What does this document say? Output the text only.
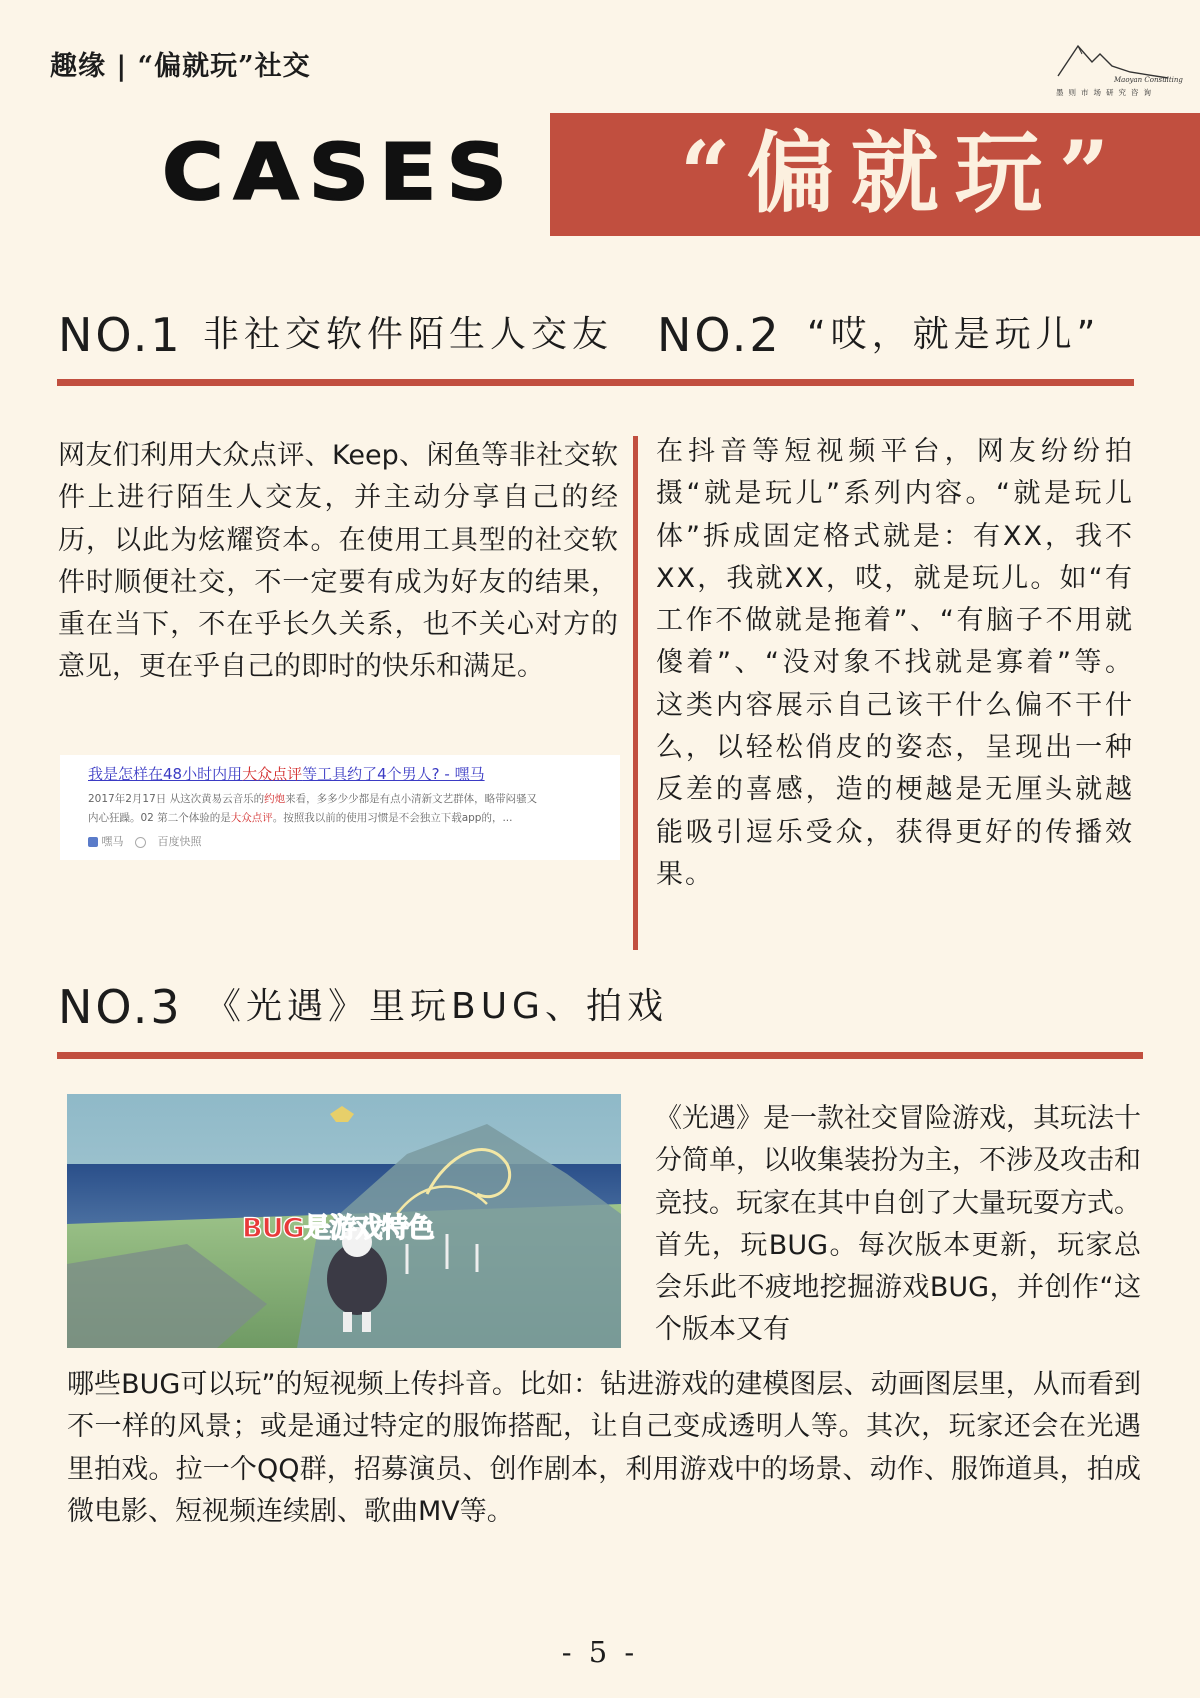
趣缘 | “偏就玩”社交	Maoyan Consulting
墨则市场研究咨询
CASES “偏就玩”
NO.1 非社交软件陌生人交友 NO.2 “哎，就是玩儿”
网友们利用大众点评、Keep、闲鱼等非社交软件上进行陌生人交友，并主动分享自己的经历，以此为炫耀资本。在使用工具型的社交软件时顺便社交，不一定要有成为好友的结果，重在当下，不在乎长久关系，也不关心对方的意见，更在乎自己的即时的快乐和满足。
我是怎样在48小时内用大众点评等工具约了4个男人? - 嘿马
2017年2月17日 从这次黄易云音乐的约炮来看，多多少少都是有点小清新文艺群体，略带闷骚又
内心狂躁。02 第二个体验的是大众点评。按照我以前的使用习惯是不会独立下载app的，...
嘿马	百度快照
在抖音等短视频平台，网友纷纷拍摄“就是玩儿”系列内容。“就是玩儿体”拆成固定格式就是：有XX，我不XX，我就XX，哎，就是玩儿。如“有工作不做就是拖着”、“有脑子不用就傻着”、“没对象不找就是寡着”等。这类内容展示自己该干什么偏不干什么，以轻松俏皮的姿态，呈现出一种反差的喜感，造的梗越是无厘头就越能吸引逗乐受众，获得更好的传播效果。
NO.3 《光遇》里玩BUG、拍戏
BUG是游戏特色
《光遇》是一款社交冒险游戏，其玩法十分简单，以收集装扮为主，不涉及攻击和竞技。玩家在其中自创了大量玩耍方式。首先，玩BUG。每次版本更新，玩家总会乐此不疲地挖掘游戏BUG，并创作“这个版本又有
哪些BUG可以玩”的短视频上传抖音。比如：钻进游戏的建模图层、动画图层里，从而看到不一样的风景；或是通过特定的服饰搭配，让自己变成透明人等。其次，玩家还会在光遇里拍戏。拉一个QQ群，招募演员、创作剧本，利用游戏中的场景、动作、服饰道具，拍成微电影、短视频连续剧、歌曲MV等。
- 5 -
